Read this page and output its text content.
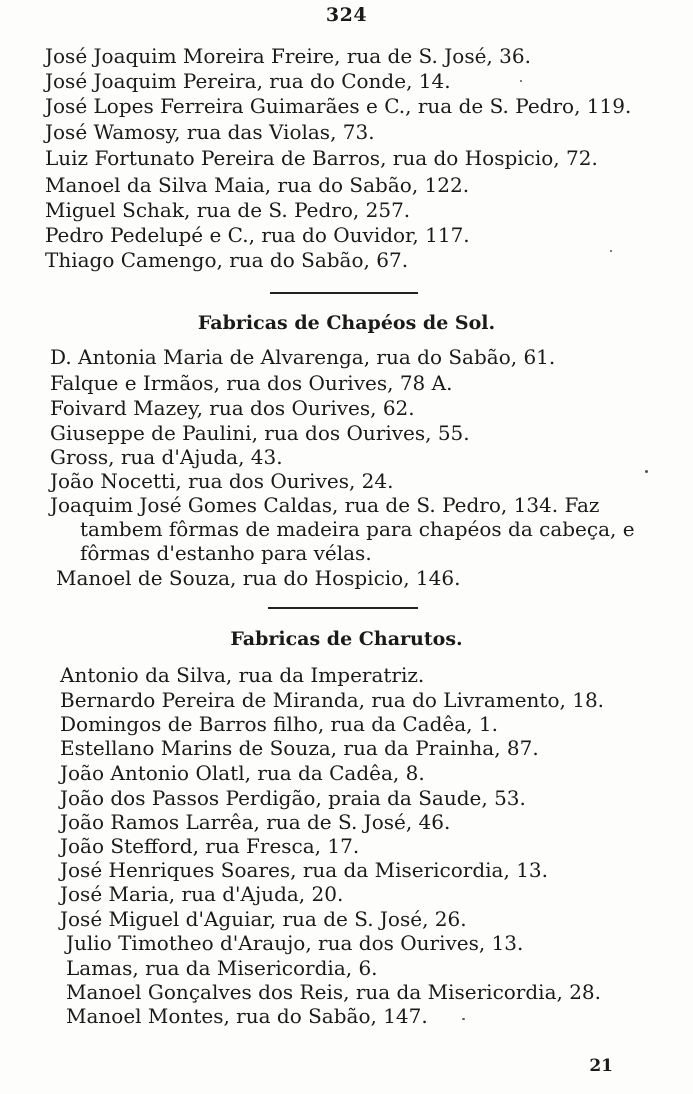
324
José Joaquim Moreira Freire, rua de S. José, 36.
José Joaquim Pereira, rua do Conde, 14.
José Lopes Ferreira Guimarães e C., rua de S. Pedro, 119.
José Wamosy, rua das Violas, 73.
Luiz Fortunato Pereira de Barros, rua do Hospicio, 72.
Manoel da Silva Maia, rua do Sabão, 122.
Miguel Schak, rua de S. Pedro, 257.
Pedro Pedelupé e C., rua do Ouvidor, 117.
Thiago Camengo, rua do Sabão, 67.
Fabricas de Chapéos de Sol.
D. Antonia Maria de Alvarenga, rua do Sabão, 61.
Falque e Irmãos, rua dos Ourives, 78 A.
Foivard Mazey, rua dos Ourives, 62.
Giuseppe de Paulini, rua dos Ourives, 55.
Gross, rua d'Ajuda, 43.
João Nocetti, rua dos Ourives, 24.
Joaquim José Gomes Caldas, rua de S. Pedro, 134. Faz
tambem fôrmas de madeira para chapéos da cabeça, e
fôrmas d'estanho para vélas.
Manoel de Souza, rua do Hospicio, 146.
Fabricas de Charutos.
Antonio da Silva, rua da Imperatriz.
Bernardo Pereira de Miranda, rua do Livramento, 18.
Domingos de Barros filho, rua da Cadêa, 1.
Estellano Marins de Souza, rua da Prainha, 87.
João Antonio Olatl, rua da Cadêa, 8.
João dos Passos Perdigão, praia da Saude, 53.
João Ramos Larrêa, rua de S. José, 46.
João Stefford, rua Fresca, 17.
José Henriques Soares, rua da Misericordia, 13.
José Maria, rua d'Ajuda, 20.
José Miguel d'Aguiar, rua de S. José, 26.
Julio Timotheo d'Araujo, rua dos Ourives, 13.
Lamas, rua da Misericordia, 6.
Manoel Gonçalves dos Reis, rua da Misericordia, 28.
Manoel Montes, rua do Sabão, 147.
21
